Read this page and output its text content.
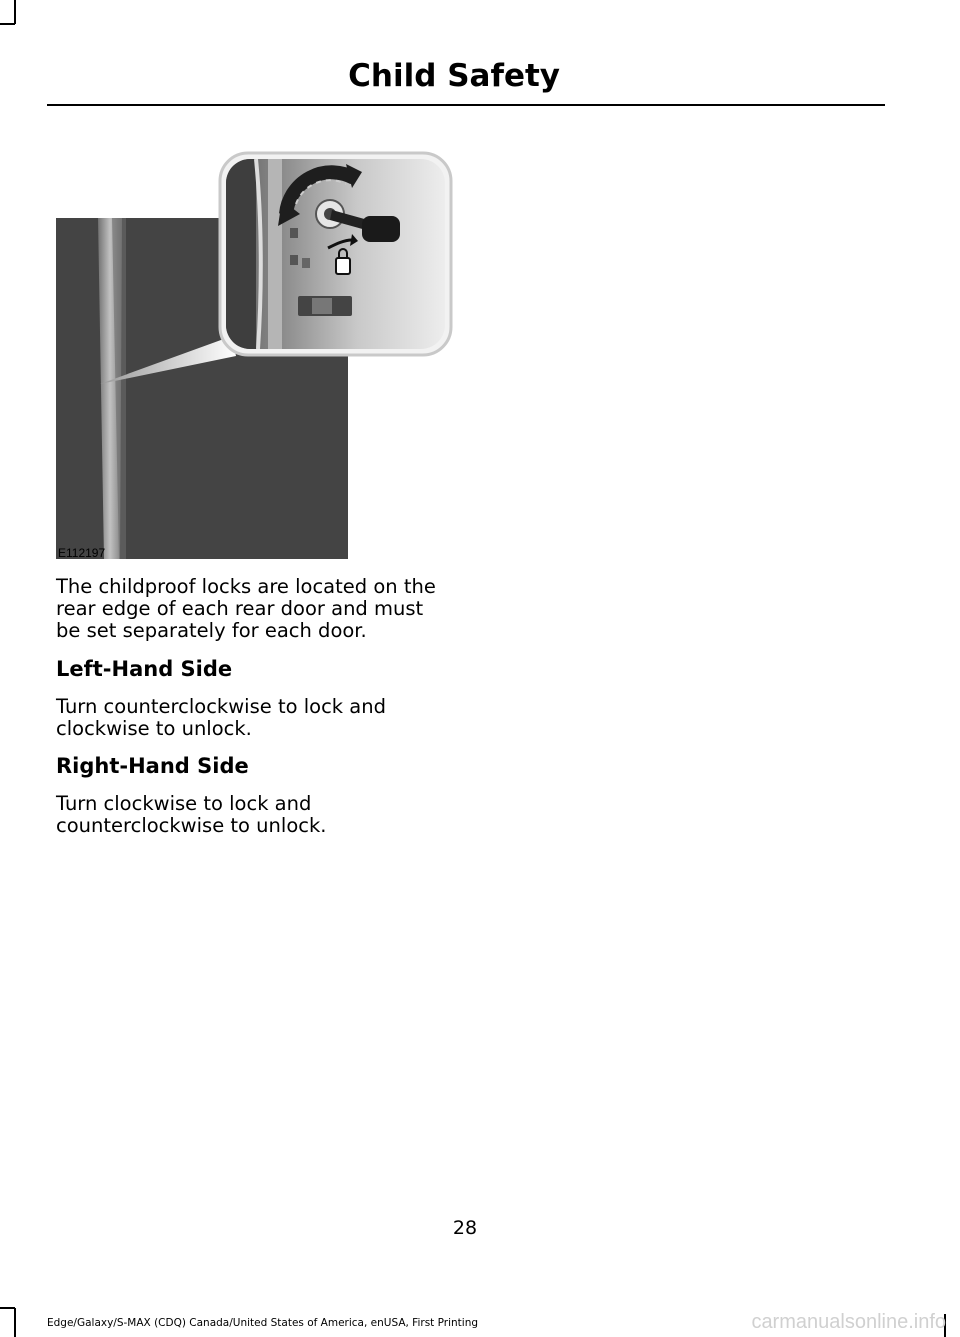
Child Safety
E112197
The childproof locks are located on the rear edge of each rear door and must be set separately for each door.
Left-Hand Side
Turn counterclockwise to lock and clockwise to unlock.
Right-Hand Side
Turn clockwise to lock and counterclockwise to unlock.
28
Edge/Galaxy/S-MAX (CDQ) Canada/United States of America, enUSA, First Printing	carmanualsonline.info
